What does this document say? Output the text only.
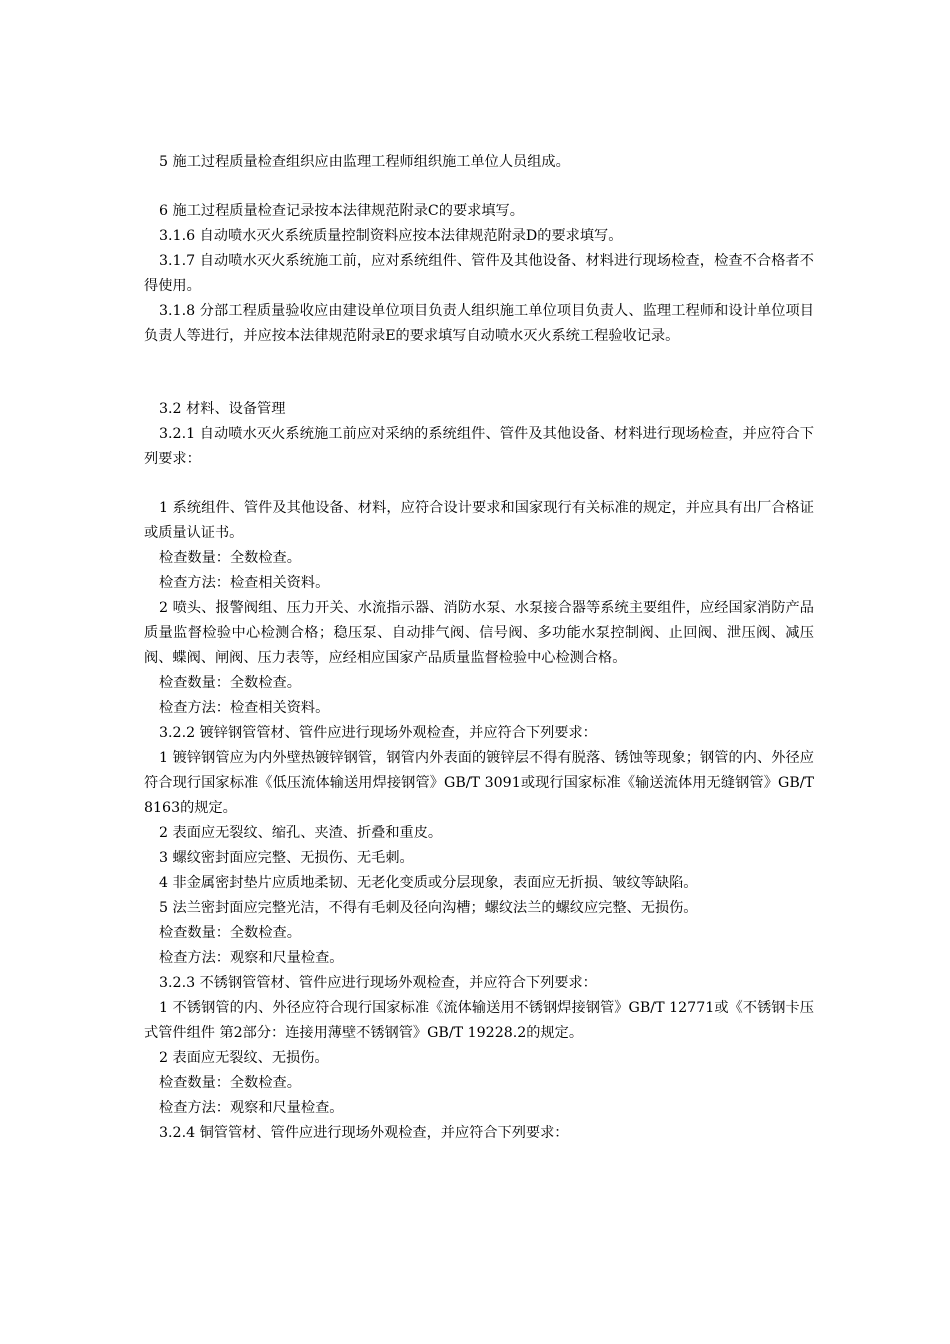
5 施工过程质量检查组织应由监理工程师组织施工单位人员组成。

6 施工过程质量检查记录按本法律规范附录C的要求填写。

3.1.6 自动喷水灭火系统质量控制资料应按本法律规范附录D的要求填写。

3.1.7 自动喷水灭火系统施工前，应对系统组件、管件及其他设备、材料进行现场检查，检查不合格者不得使用。

3.1.8 分部工程质量验收应由建设单位项目负责人组织施工单位项目负责人、监理工程师和设计单位项目负责人等进行，并应按本法律规范附录E的要求填写自动喷水灭火系统工程验收记录。

3.2 材料、设备管理

3.2.1 自动喷水灭火系统施工前应对采纳的系统组件、管件及其他设备、材料进行现场检查，并应符合下列要求：

1 系统组件、管件及其他设备、材料，应符合设计要求和国家现行有关标准的规定，并应具有出厂合格证或质量认证书。

检查数量：全数检查。

检查方法：检查相关资料。

2 喷头、报警阀组、压力开关、水流指示器、消防水泵、水泵接合器等系统主要组件，应经国家消防产品质量监督检验中心检测合格；稳压泵、自动排气阀、信号阀、多功能水泵控制阀、止回阀、泄压阀、减压阀、蝶阀、闸阀、压力表等，应经相应国家产品质量监督检验中心检测合格。

检查数量：全数检查。

检查方法：检查相关资料。

3.2.2 镀锌钢管管材、管件应进行现场外观检查，并应符合下列要求：

1 镀锌钢管应为内外壁热镀锌钢管，钢管内外表面的镀锌层不得有脱落、锈蚀等现象；钢管的内、外径应符合现行国家标准《低压流体输送用焊接钢管》GB/T 3091或现行国家标准《输送流体用无缝钢管》GB/T 8163的规定。

2 表面应无裂纹、缩孔、夹渣、折叠和重皮。

3 螺纹密封面应完整、无损伤、无毛刺。

4 非金属密封垫片应质地柔韧、无老化变质或分层现象，表面应无折损、皱纹等缺陷。

5 法兰密封面应完整光洁，不得有毛刺及径向沟槽；螺纹法兰的螺纹应完整、无损伤。

检查数量：全数检查。

检查方法：观察和尺量检查。

3.2.3 不锈钢管管材、管件应进行现场外观检查，并应符合下列要求：

1 不锈钢管的内、外径应符合现行国家标准《流体输送用不锈钢焊接钢管》GB/T 12771或《不锈钢卡压式管件组件 第2部分：连接用薄壁不锈钢管》GB/T 19228.2的规定。

2 表面应无裂纹、无损伤。

检查数量：全数检查。

检查方法：观察和尺量检查。

3.2.4 铜管管材、管件应进行现场外观检查，并应符合下列要求：
